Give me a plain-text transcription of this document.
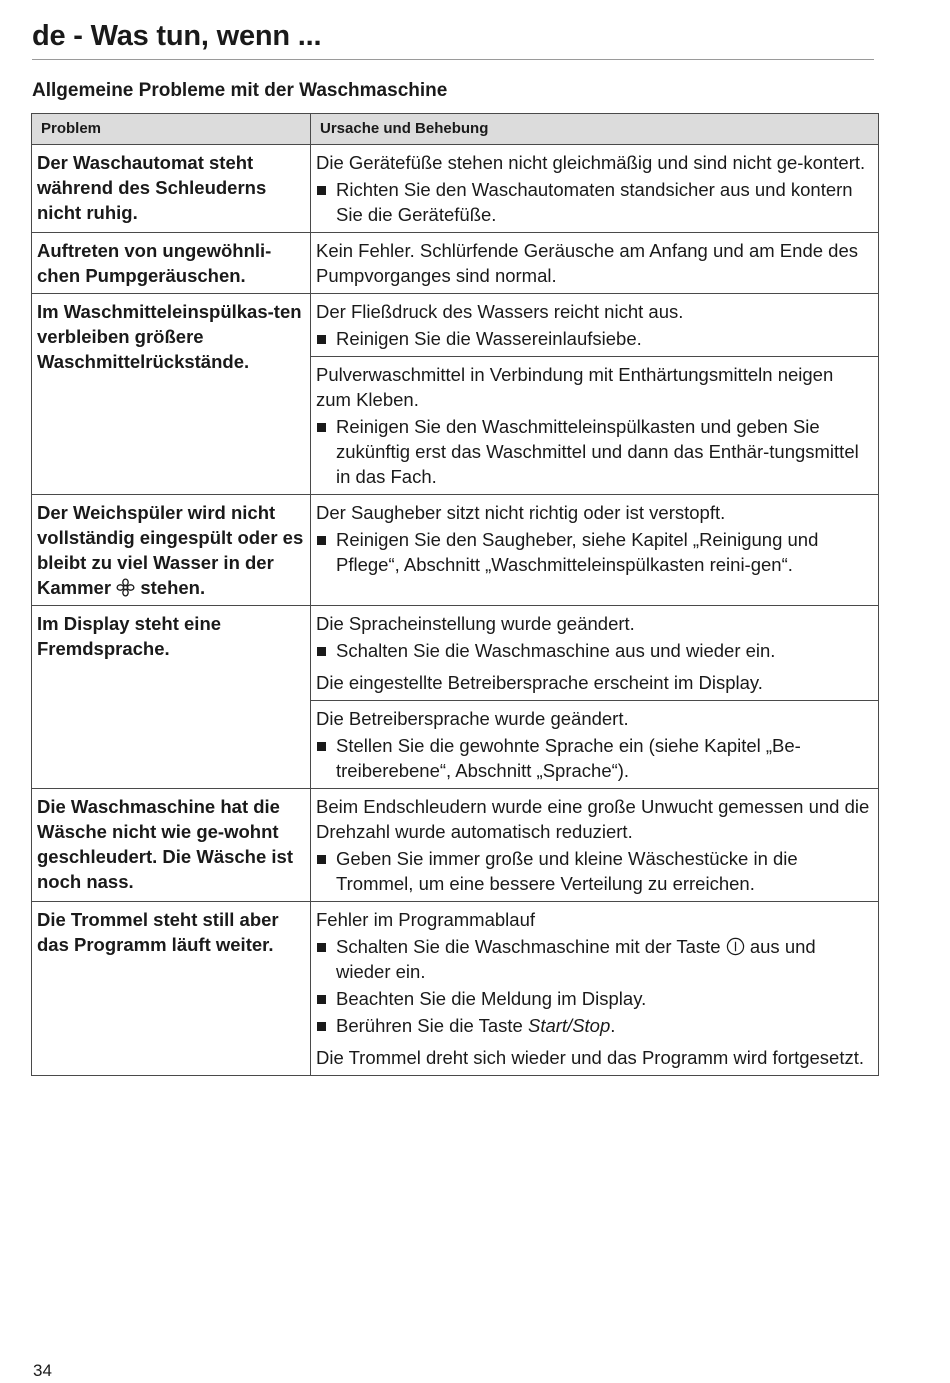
de - Was tun, wenn ...
Allgemeine Probleme mit der Waschmaschine
Problem	Ursache und Behebung
Der Waschautomat steht während des Schleuderns nicht ruhig.	Die Gerätefüße stehen nicht gleichmäßig und sind nicht ge-kontert.

Richten Sie den Waschautomaten standsicher aus und kontern Sie die Gerätefüße.

Auftreten von ungewöhnli-chen Pumpgeräuschen.	Kein Fehler. Schlürfende Geräusche am Anfang und am Ende des Pumpvorganges sind normal.

Im Waschmitteleinspülkas-ten verbleiben größere Waschmittelrückstände.	Der Fließdruck des Wassers reicht nicht aus.

Reinigen Sie die Wassereinlaufsiebe.

	Pulverwaschmittel in Verbindung mit Enthärtungsmitteln neigen zum Kleben.

Reinigen Sie den Waschmitteleinspülkasten und geben Sie zukünftig erst das Waschmittel und dann das Enthär-tungsmittel in das Fach.

Der Weichspüler wird nicht vollständig eingespült oder es bleibt zu viel Wasser in der Kammer stehen.	Der Saugheber sitzt nicht richtig oder ist verstopft.

Reinigen Sie den Saugheber, siehe Kapitel „Reinigung und Pflege“, Abschnitt „Waschmitteleinspülkasten reini-gen“.

Im Display steht eine Fremdsprache.	Die Spracheinstellung wurde geändert.

Schalten Sie die Waschmaschine aus und wieder ein.

Die eingestellte Betreibersprache erscheint im Display.

	Die Betreibersprache wurde geändert.

Stellen Sie die gewohnte Sprache ein (siehe Kapitel „Be-treiberebene“, Abschnitt „Sprache“).

Die Waschmaschine hat die Wäsche nicht wie ge-wohnt geschleudert. Die Wäsche ist noch nass.	Beim Endschleudern wurde eine große Unwucht gemessen und die Drehzahl wurde automatisch reduziert.

Geben Sie immer große und kleine Wäschestücke in die Trommel, um eine bessere Verteilung zu erreichen.

Die Trommel steht still aber das Programm läuft weiter.	Fehler im Programmablauf

Schalten Sie die Waschmaschine mit der Taste aus und wieder ein.
Beachten Sie die Meldung im Display.
Berühren Sie die Taste Start/Stop.

Die Trommel dreht sich wieder und das Programm wird fortgesetzt.

34
